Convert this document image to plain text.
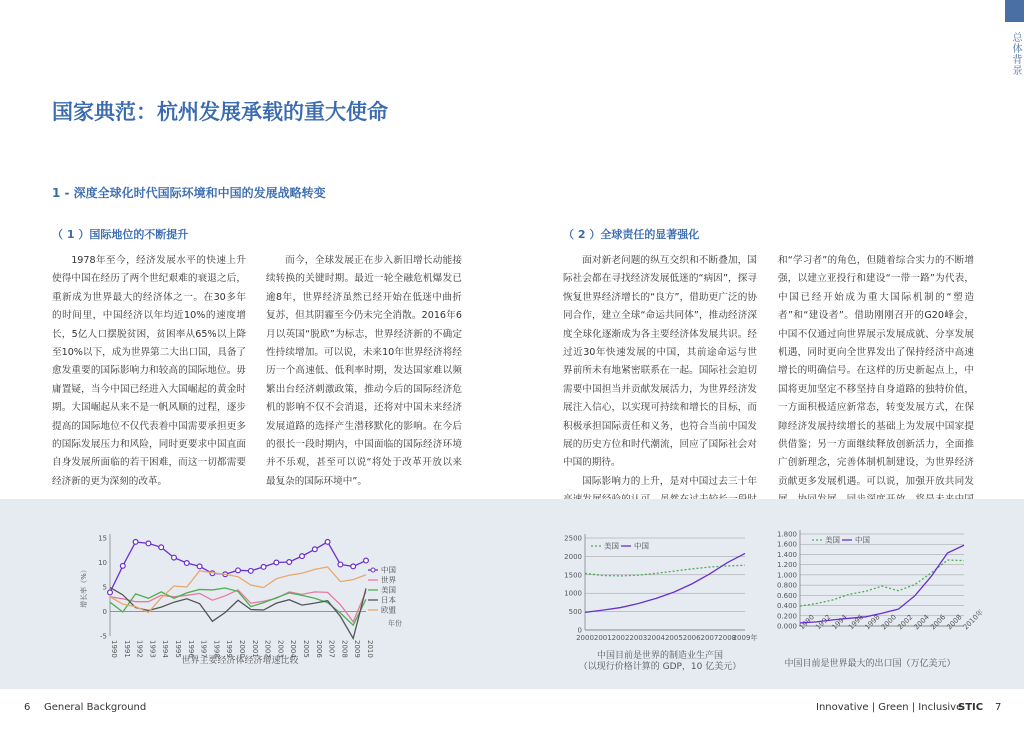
总体背景
国家典范：杭州发展承载的重大使命
1 - 深度全球化时代国际环境和中国的发展战略转变
（ 1 ）国际地位的不断提升	（ 2 ）全球责任的显著强化

1978年至今，经济发展水平的快速上升使得中国在经历了两个世纪艰难的衰退之后，重新成为世界最大的经济体之一。在30多年的时间里，中国经济以年均近10%的速度增长，5亿人口摆脱贫困，贫困率从65%以上降至10%以下，成为世界第二大出口国，具备了愈发重要的国际影响力和较高的国际地位。毋庸置疑，当今中国已经进入大国崛起的黄金时期。大国崛起从来不是一帆风顺的过程，逐步提高的国际地位不仅代表着中国需要承担更多的国际发展压力和风险，同时更要求中国直面自身发展所面临的若干困难，而这一切都需要经济新的更为深刻的改革。

而今，全球发展正在步入新旧增长动能接续转换的关键时期。最近一轮全融危机爆发已逾8年，世界经济虽然已经开始在低迷中曲折复苏，但其阴霾至今仍未完全消散。2016年6月以英国“脱欧”为标志，世界经济新的不确定性持续增加。可以说，未来10年世界经济将经历一个高速低、低利率时期，发达国家难以频繁出台经济刺激政策，推动今后的国际经济危机的影响不仅不会消退，还将对中国未来经济发展道路的选择产生潜移默化的影响。在今后的很长一段时期内，中国面临的国际经济环境并不乐观，甚至可以说“将处于改革开放以来最复杂的国际环境中”。

面对新老问题的纵互交织和不断叠加，国际社会都在寻找经济发展低迷的“病因”，探寻恢复世界经济增长的“良方”，借助更广泛的协同合作，建立全球“命运共同体”，推动经济深度全球化逐渐成为各主要经济体发展共识。经过近30年快速发展的中国，其前途命运与世界前所未有地紧密联系在一起。国际社会迫切需要中国担当并贡献发展活力，为世界经济发展注入信心，以实现可持续和增长的目标，而积极承担国际责任和义务，也符合当前中国发展的历史方位和时代潮流，回应了国际社会对中国的期待。

国际影响力的上升，是对中国过去三十年

和“学习者”的角色，但随着综合实力的不断增强，以建立亚投行和建设“一带一路”为代表，中国已经开始成为重大国际机制的“塑造者”和“建设者”。借助刚刚召开的G20峰会，中国不仅通过向世界展示发展成就、分享发展机遇，同时更向全世界发出了保持经济中高速增长的明确信号。在这样的历史新起点上，中国将更加坚定不移坚持自身道路的独特价值，一方面积极适应新常态，转变发展方式，在保障经济发展持续增长的基础上为发展中国家提供借鉴；另一方面继续释放创新活力，全面推广创新理念，完善体制机制建设，为世界经济贡献更多发展机遇。可以说，加强开放共同发

-5
0
5
10
15
1990 1991 1992 1993 1994 1995 1996 1997 1998 1999 2000 2001 2002 2003 2004 2005 2006 2007 2008 2009 2010
中国
世界
美国
日本
欧盟
增长率（%）
年份
世界主要经济体经济增速比较
0
500
1000
1500
2000
2500
2000 2001 2002 2003 2004 2005 2006 2007 2008
2009年
美国 中国
中国目前是世界的制造业生产国
（以现行价格计算的 GDP，10 亿美元）
0.000
0.200
0.400
0.600
0.800
1.000
1.200
1.400
1.600
1.800
1990
1992
1994
1996
1998
2000
2002
2004
2006
2008
2010年
美国 中国
中国目前是世界最大的出口国（万亿美元）
6 General Background	Innovative | Green | Inclusive
STIC 7
